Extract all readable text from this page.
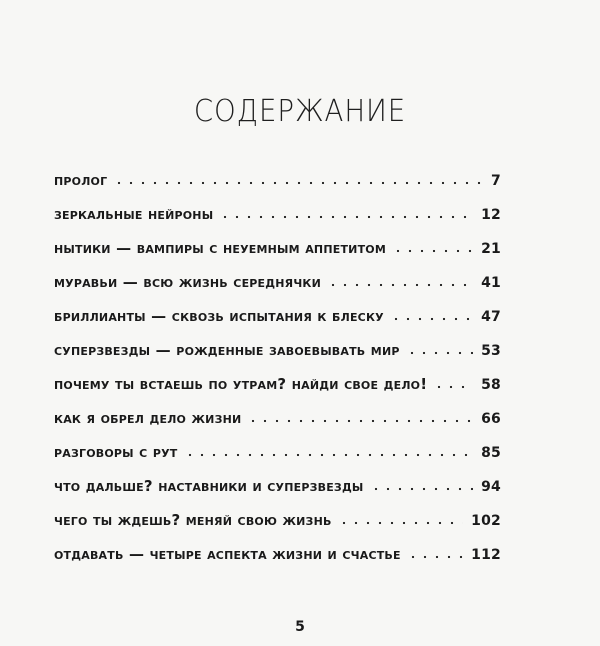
СОДЕРЖАНИЕ
пролог	7
зеркальные нейроны	12
нытики — вампиры с неуемным аппетитом	21
муравьи — всю жизнь середнячки	41
бриллианты — сквозь испытания к блеску	47
суперзвезды — рожденные завоевывать мир	53
почему ты встаешь по утрам? найди свое дело!	58
как я обрел дело жизни	66
разговоры с рут	85
что дальше? наставники и суперзвезды	94
чего ты ждешь? меняй свою жизнь	102
отдавать — четыре аспекта жизни и счастье	112
5
